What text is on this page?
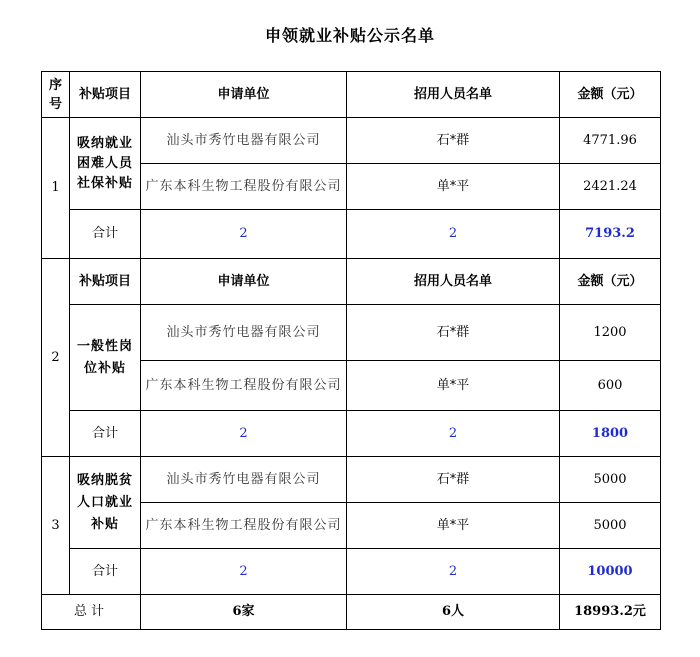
申领就业补贴公示名单
序号	补贴项目	申请单位	招用人员名单	金额（元）
1	吸纳就业困难人员社保补贴	汕头市秀竹电器有限公司	石*群	4771.96
		广东本科生物工程股份有限公司	单*平	2421.24
	合计	2	2	7193.2
2	补贴项目	申请单位	招用人员名单	金额（元）
	一般性岗位补贴	汕头市秀竹电器有限公司	石*群	1200
		广东本科生物工程股份有限公司	单*平	600
	合计	2	2	1800
3	吸纳脱贫人口就业补贴	汕头市秀竹电器有限公司	石*群	5000
		广东本科生物工程股份有限公司	单*平	5000
	合计	2	2	10000
总计		6家	6人	18993.2元
